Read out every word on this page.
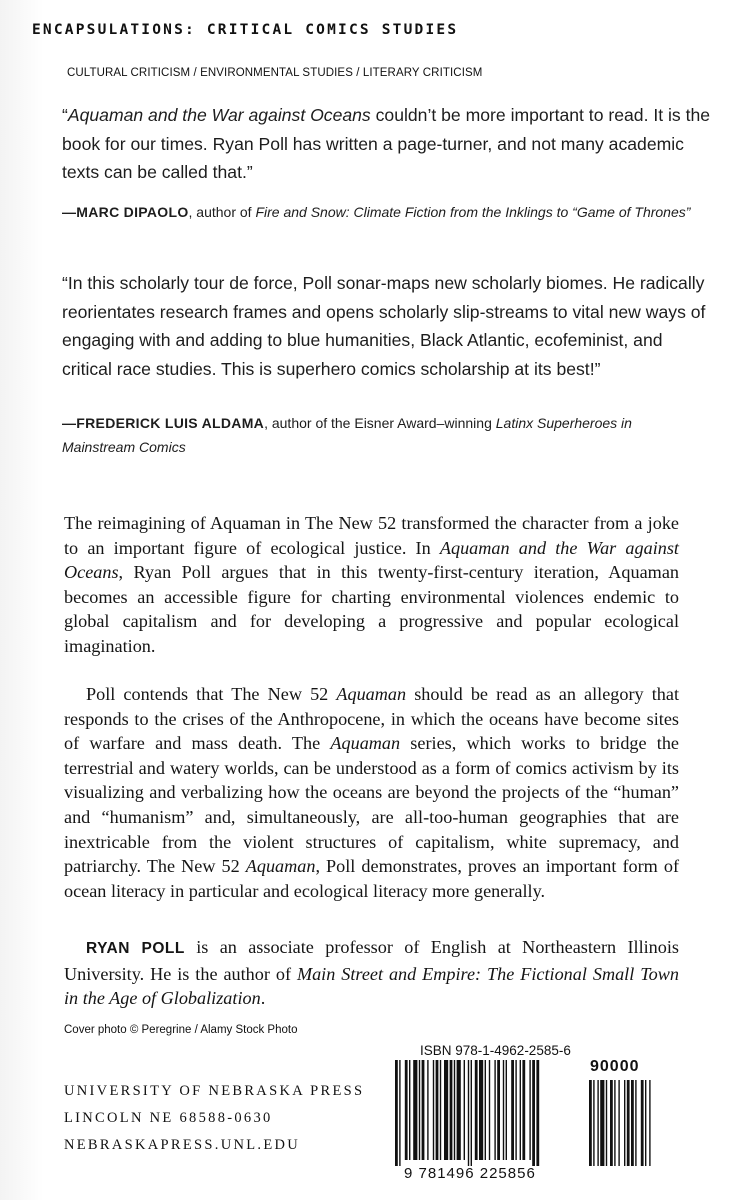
ENCAPSULATIONS: CRITICAL COMICS STUDIES
CULTURAL CRITICISM / ENVIRONMENTAL STUDIES / LITERARY CRITICISM
“Aquaman and the War against Oceans couldn’t be more important to read. It is the book for our times. Ryan Poll has written a page-turner, and not many academic texts can be called that.”
—MARC DIPAOLO, author of Fire and Snow: Climate Fiction from the Inklings to “Game of Thrones”
“In this scholarly tour de force, Poll sonar-maps new scholarly biomes. He radically reorientates research frames and opens scholarly slip-streams to vital new ways of engaging with and adding to blue humanities, Black Atlantic, ecofeminist, and critical race studies. This is superhero comics scholarship at its best!”
—FREDERICK LUIS ALDAMA, author of the Eisner Award–winning Latinx Superheroes in Mainstream Comics

The reimagining of Aquaman in The New 52 transformed the character from a joke to an important figure of ecological justice. In Aquaman and the War against Oceans, Ryan Poll argues that in this twenty-first-century iteration, Aquaman becomes an accessible figure for charting environmental violences endemic to global capitalism and for developing a progressive and popular ecological imagination.

Poll contends that The New 52 Aquaman should be read as an allegory that responds to the crises of the Anthropocene, in which the oceans have become sites of warfare and mass death. The Aquaman series, which works to bridge the terrestrial and watery worlds, can be understood as a form of comics activism by its visualizing and verbalizing how the oceans are beyond the projects of the “human” and “humanism” and, simultaneously, are all-too-human geographies that are inextricable from the violent structures of capitalism, white supremacy, and patriarchy. The New 52 Aquaman, Poll demonstrates, proves an important form of ocean literacy in particular and ecological literacy more generally.

RYAN POLL is an associate professor of English at Northeastern Illinois University. He is the author of Main Street and Empire: The Fictional Small Town in the Age of Globalization.

Cover photo © Peregrine / Alamy Stock Photo
UNIVERSITY OF NEBRASKA PRESS
LINCOLN NE 68588-0630
NEBRASKAPRESS.UNL.EDU
ISBN 978-1-4962-2585-6
90000
9 781496 225856
